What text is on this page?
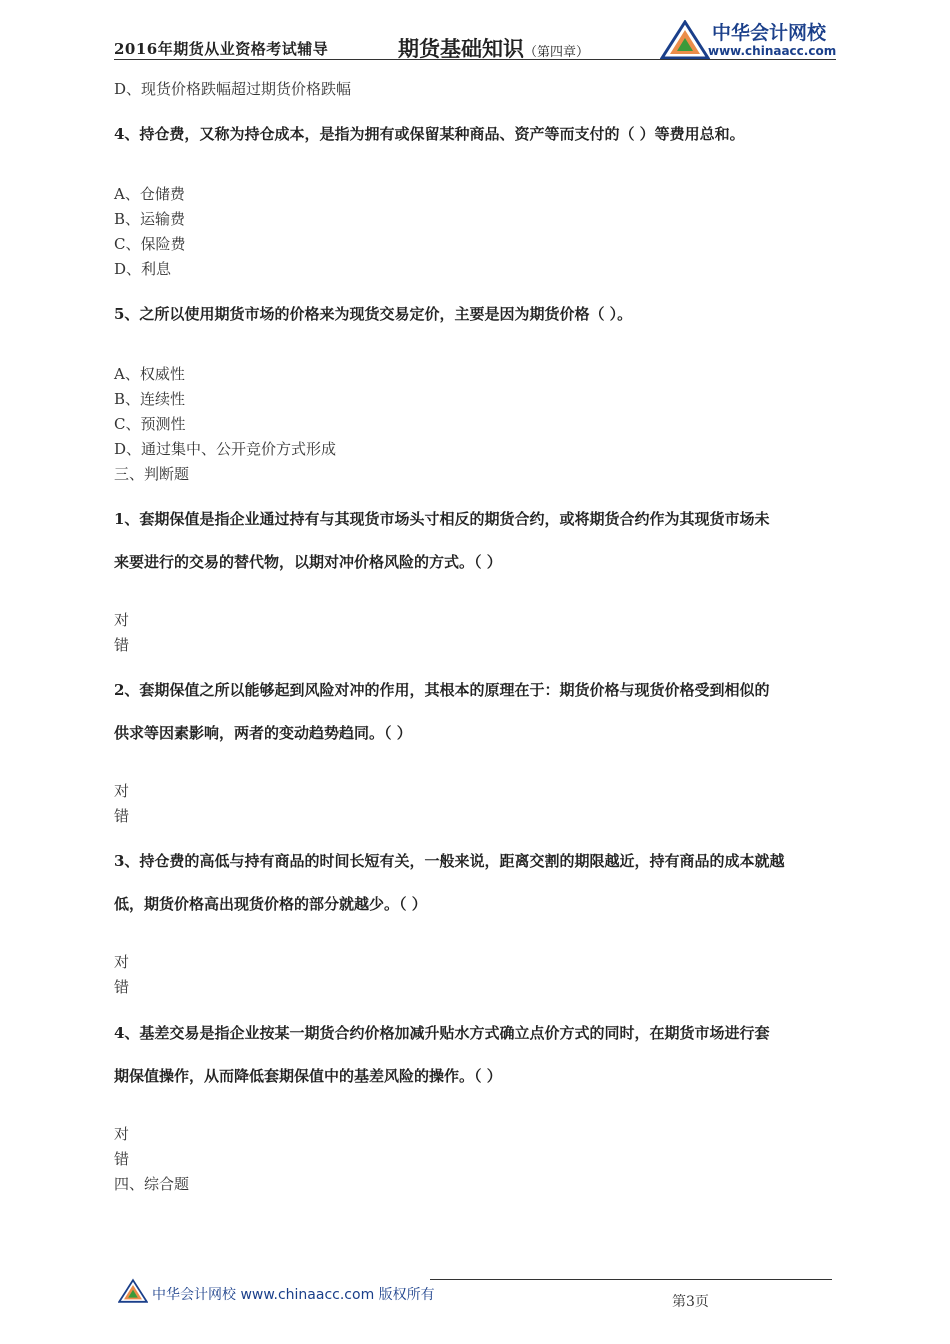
2016年期货从业资格考试辅导	期货基础知识（第四章）
中华会计网校
www.chinaacc.com
D、现货价格跌幅超过期货价格跌幅
4、持仓费，又称为持仓成本，是指为拥有或保留某种商品、资产等而支付的（ ）等费用总和。
A、仓储费
B、运输费
C、保险费
D、利息
5、之所以使用期货市场的价格来为现货交易定价，主要是因为期货价格（ ）。
A、权威性
B、连续性
C、预测性
D、通过集中、公开竞价方式形成
三、判断题
1、套期保值是指企业通过持有与其现货市场头寸相反的期货合约，或将期货合约作为其现货市场未
来要进行的交易的替代物，以期对冲价格风险的方式。（ ）
对
错
2、套期保值之所以能够起到风险对冲的作用，其根本的原理在于：期货价格与现货价格受到相似的
供求等因素影响，两者的变动趋势趋同。（ ）
对
错
3、持仓费的高低与持有商品的时间长短有关，一般来说，距离交割的期限越近，持有商品的成本就越
低，期货价格高出现货价格的部分就越少。（ ）
对
错
4、基差交易是指企业按某一期货合约价格加减升贴水方式确立点价方式的同时，在期货市场进行套
期保值操作，从而降低套期保值中的基差风险的操作。（ ）
对
错
四、综合题
中华会计网校 www.chinaacc.com 版权所有	第3页
